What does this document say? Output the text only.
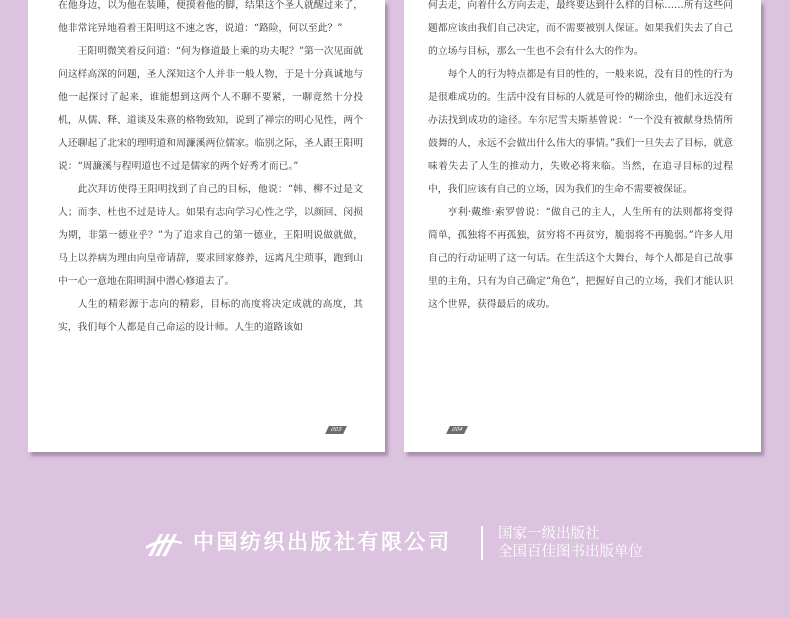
在他身边，以为他在装睡，便摸着他的脚，结果这个圣人就醒过来了，他非常诧异地看着王阳明这不速之客，说道：“路险，何以至此？”

王阳明微笑着反问道：“何为修道最上乘的功夫呢？”第一次见面就问这样高深的问题，圣人深知这个人并非一般人物，于是十分真诚地与他一起探讨了起来，谁能想到这两个人不聊不要紧，一聊竟然十分投机，从儒、释、道谈及朱熹的格物致知，说到了禅宗的明心见性，两个人还聊起了北宋的理明道和周濂溪两位儒家。临别之际，圣人跟王阳明说：“周濂溪与程明道也不过是儒家的两个好秀才而已。”

此次拜访使得王阳明找到了自己的目标，他说：“韩、柳不过是文人；而李、杜也不过是诗人。如果有志向学习心性之学，以颜回、闵损为期，非第一德业乎？”为了追求自己的第一德业，王阳明说做就做，马上以养病为理由向皇帝请辞，要求回家修养，远离凡尘琐事，跑到山中一心一意地在阳明洞中潜心修道去了。

人生的精彩源于志向的精彩，目标的高度将决定成就的高度，其实，我们每个人都是自己命运的设计师。人生的道路该如

003

何去走，向着什么方向去走，最终要达到什么样的目标……所有这些问题都应该由我们自己决定，而不需要被别人保证。如果我们失去了自己的立场与目标，那么一生也不会有什么大的作为。

每个人的行为特点都是有目的性的，一般来说，没有目的性的行为是很难成功的。生活中没有目标的人就是可怜的糊涂虫，他们永远没有办法找到成功的途径。车尔尼雪夫斯基曾说：“一个没有被献身热情所鼓舞的人，永远不会做出什么伟大的事情。”我们一旦失去了目标，就意味着失去了人生的推动力，失败必将来临。当然，在追寻目标的过程中，我们应该有自己的立场，因为我们的生命不需要被保证。

亨利·戴维·索罗曾说：“做自己的主人，人生所有的法则都将变得简单，孤独将不再孤独，贫穷将不再贫穷，脆弱将不再脆弱。”许多人用自己的行动证明了这一句话。在生活这个大舞台，每个人都是自己故事里的主角，只有为自己确定“角色”，把握好自己的立场，我们才能认识这个世界，获得最后的成功。

004
中国纺织出版社有限公司	国家一级出版社
全国百佳图书出版单位
